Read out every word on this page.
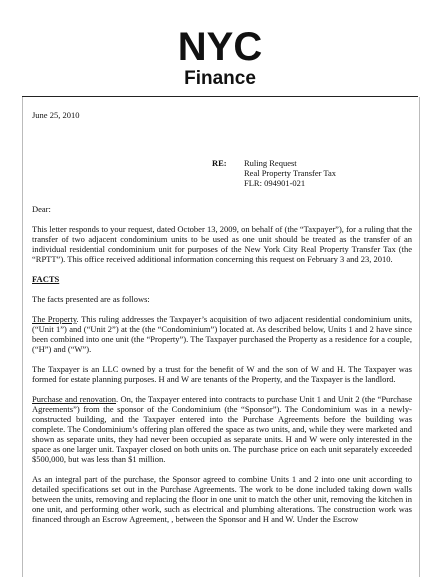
NYC
Finance
June 25, 2010
RE:	Ruling Request
Real Property Transfer Tax
FLR: 094901-021
Dear:

This letter responds to your request, dated October 13, 2009, on behalf of (the “Taxpayer”), for a ruling that the transfer of two adjacent condominium units to be used as one unit should be treated as the transfer of an individual residential condominium unit for purposes of the New York City Real Property Transfer Tax (the “RPTT”). This office received additional information concerning this request on February 3 and 23, 2010.

FACTS

The facts presented are as follows:

The Property. This ruling addresses the Taxpayer’s acquisition of two adjacent residential condominium units, (“Unit 1”) and (“Unit 2”) at the (the “Condominium”) located at. As described below, Units 1 and 2 have since been combined into one unit (the “Property”). The Taxpayer purchased the Property as a residence for a couple, (“H”) and (“W”).

The Taxpayer is an LLC owned by a trust for the benefit of W and the son of W and H. The Taxpayer was formed for estate planning purposes. H and W are tenants of the Property, and the Taxpayer is the landlord.

Purchase and renovation. On, the Taxpayer entered into contracts to purchase Unit 1 and Unit 2 (the “Purchase Agreements”) from the sponsor of the Condominium (the “Sponsor”). The Condominium was in a newly-constructed building, and the Taxpayer entered into the Purchase Agreements before the building was complete. The Condominium’s offering plan offered the space as two units, and, while they were marketed and shown as separate units, they had never been occupied as separate units. H and W were only interested in the space as one larger unit. Taxpayer closed on both units on. The purchase price on each unit separately exceeded $500,000, but was less than $1 million.

As an integral part of the purchase, the Sponsor agreed to combine Units 1 and 2 into one unit according to detailed specifications set out in the Purchase Agreements. The work to be done included taking down walls between the units, removing and replacing the floor in one unit to match the other unit, removing the kitchen in one unit, and performing other work, such as electrical and plumbing alterations. The construction work was financed through an Escrow Agreement, , between the Sponsor and H and W. Under the Escrow
